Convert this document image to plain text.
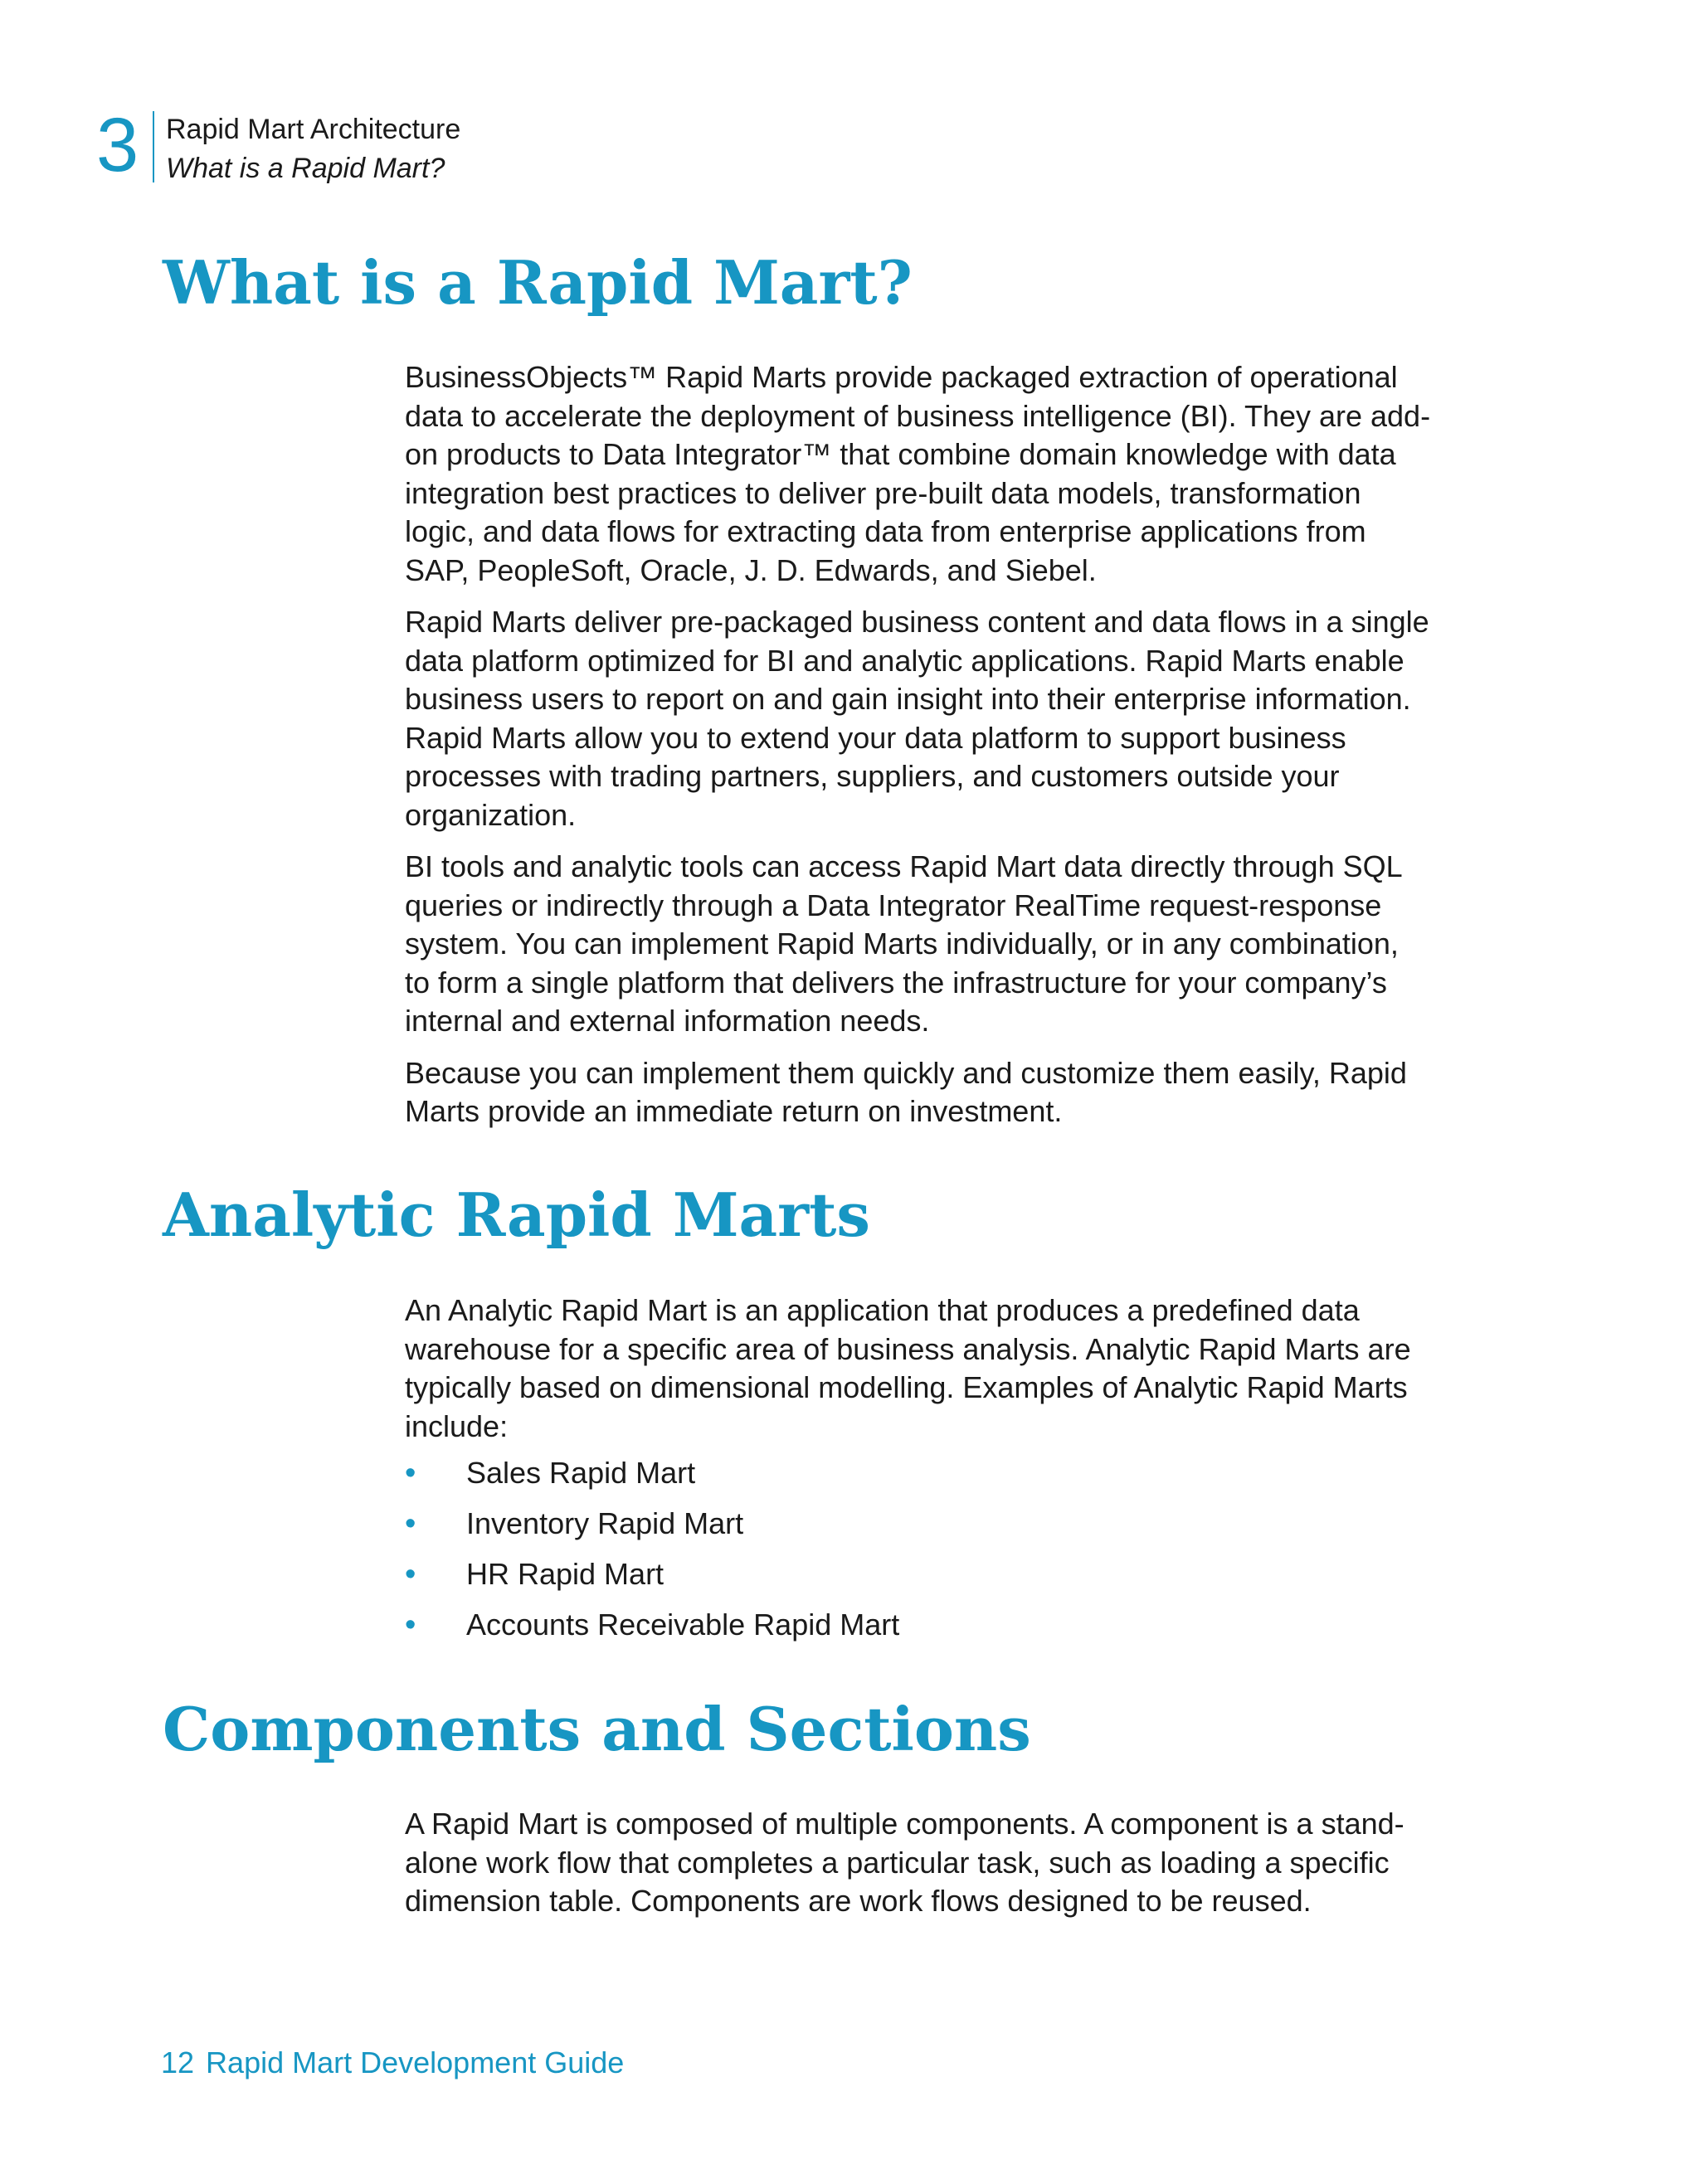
3 Rapid Mart Architecture
What is a Rapid Mart?
What is a Rapid Mart?

BusinessObjects™ Rapid Marts provide packaged extraction of operational
data to accelerate the deployment of business intelligence (BI). They are add-
on products to Data Integrator™ that combine domain knowledge with data
integration best practices to deliver pre-built data models, transformation
logic, and data flows for extracting data from enterprise applications from
SAP, PeopleSoft, Oracle, J. D. Edwards, and Siebel.

Rapid Marts deliver pre-packaged business content and data flows in a single
data platform optimized for BI and analytic applications. Rapid Marts enable
business users to report on and gain insight into their enterprise information.
Rapid Marts allow you to extend your data platform to support business
processes with trading partners, suppliers, and customers outside your
organization.

BI tools and analytic tools can access Rapid Mart data directly through SQL
queries or indirectly through a Data Integrator RealTime request-response
system. You can implement Rapid Marts individually, or in any combination,
to form a single platform that delivers the infrastructure for your company’s
internal and external information needs.

Because you can implement them quickly and customize them easily, Rapid
Marts provide an immediate return on investment.

Analytic Rapid Marts

An Analytic Rapid Mart is an application that produces a predefined data
warehouse for a specific area of business analysis. Analytic Rapid Marts are
typically based on dimensional modelling. Examples of Analytic Rapid Marts
include:

• Sales Rapid Mart
• Inventory Rapid Mart
• HR Rapid Mart
• Accounts Receivable Rapid Mart
Components and Sections

A Rapid Mart is composed of multiple components. A component is a stand-
alone work flow that completes a particular task, such as loading a specific
dimension table. Components are work flows designed to be reused.

12 Rapid Mart Development Guide
